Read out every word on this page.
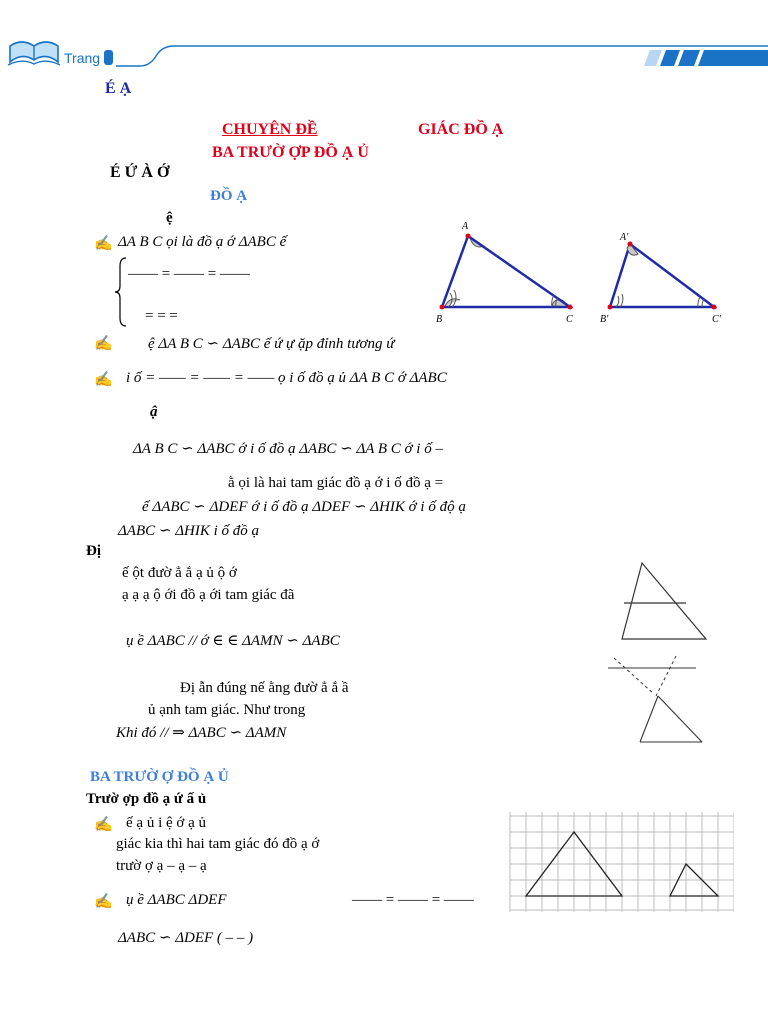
Trang
É Ạ
CHUYÊN ĐỀ	GIÁC ĐỒ Ạ
BA TRƯỜ ỢP ĐỒ Ạ Ủ
É Ứ À Ớ
ĐỒ Ạ
ệ
✍ ΔA B C ọi là đồ ạ ớ ΔABC ế
—— = —— = ——
= = =
✍ ệ ΔA B C ∽ ΔABC ế ứ ự ặp đỉnh tương ứ
✍ i ố = —— = —— = —— ọ i ố đồ ạ ủ ΔA B C ớ ΔABC
ậ
ΔA B C ∽ ΔABC ớ i ố đồ ạ ΔABC ∽ ΔA B C ớ i ố –
ằ ọi là hai tam giác đồ ạ ớ i ố đồ ạ =
ế ΔABC ∽ ΔDEF ớ i ố đồ ạ ΔDEF ∽ ΔHIK ớ i ố độ ạ
ΔABC ∽ ΔHIK i ố đồ ạ
Đị
ế ột đườ ẳ ắ ạ ủ ộ ớ
ạ ạ ạ ộ ới đồ ạ ới tam giác đã
ụ ề ΔABC // ớ ∈ ∈ ΔAMN ∽ ΔABC
Đị ẫn đúng nế ằng đườ ẳ ắ ầ
ủ ạnh tam giác. Như trong
Khi đó // ⇒ ΔABC ∽ ΔAMN
BA TRƯỜ Ợ ĐỒ Ạ Ủ
Trườ ợp đồ ạ ứ ấ ủ
✍ ế ạ ủ i ệ ớ ạ ủ
giác kia thì hai tam giác đó đồ ạ ớ
trườ ợ ạ – ạ – ạ
✍ ụ ề ΔABC ΔDEF	—— = —— = ——
ΔABC ∽ ΔDEF ( – – )
A
B	C
A'
B'	C'
